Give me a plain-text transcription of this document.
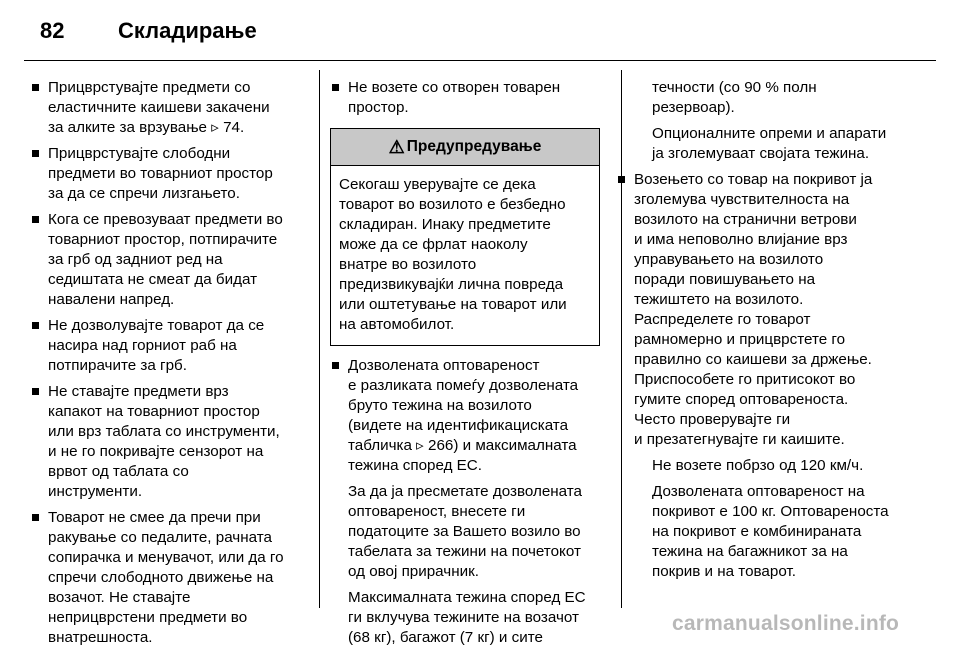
82 Складирање
Прицврстувајте предмети со
еластичните каишеви закачени
за алките за врзување ▹ 74.
Прицврстувајте слободни
предмети во товарниот простор
за да се спречи лизгањето.
Кога се превозуваат предмети во
товарниот простор, потпирачите
за грб од задниот ред на
седиштата не смеат да бидат
навалени напред.
Не дозволувајте товарот да се
насира над горниот раб на
потпирачите за грб.
Не ставајте предмети врз
капакот на товарниот простор
или врз таблата со инструменти,
и не го покривајте сензорот на
врвот од таблата со
инструменти.
Товарот не смее да пречи при
ракување со педалите, рачната
сопирачка и менувачот, или да го
спречи слободното движење на
возачот. Не ставајте
неприцврстени предмети во
внатрешноста.
Не возете со отворен товарен
простор.
⚠ Предупредување
Секогаш уверувајте се дека
товарот во возилото е безбедно
складиран. Инаку предметите
може да се фрлат наоколу
внатре во возилото
предизвикувајќи лична повреда
или оштетување на товарот или
на автомобилот.
Дозволената оптовареност
е разликата помеѓу дозволената
бруто тежина на возилото
(видете на идентификациската
табличка ▹ 266) и максималната
тежина според ЕС.
За да ја пресметате дозволената
оптовареност, внесете ги
податоците за Вашето возило во
табелата за тежини на почетокот
од овој прирачник.
Максималната тежина според ЕС
ги вклучува тежините на возачот
(68 кг), багажот (7 кг) и сите
течности (со 90 % полн
резервоар).
Опционалните опреми и апарати
ја зголемуваат својата тежина.
Возењето со товар на покривот ја
зголемува чувствителноста на
возилото на странични ветрови
и има неповолно влијание врз
управувањето на возилото
поради повишувањето на
тежиштето на возилото.
Распределете го товарот
рамномерно и прицврстете го
правилно со каишеви за држење.
Приспособете го притисокот во
гумите според оптовареноста.
Често проверувајте ги
и презатегнувајте ги каишите.
Не возете побрзо од 120 км/ч.
Дозволената оптовареност на
покривот е 100 кг. Оптовареноста
на покривот е комбинираната
тежина на багажникот за на
покрив и на товарот.
carmanualsonline.info
